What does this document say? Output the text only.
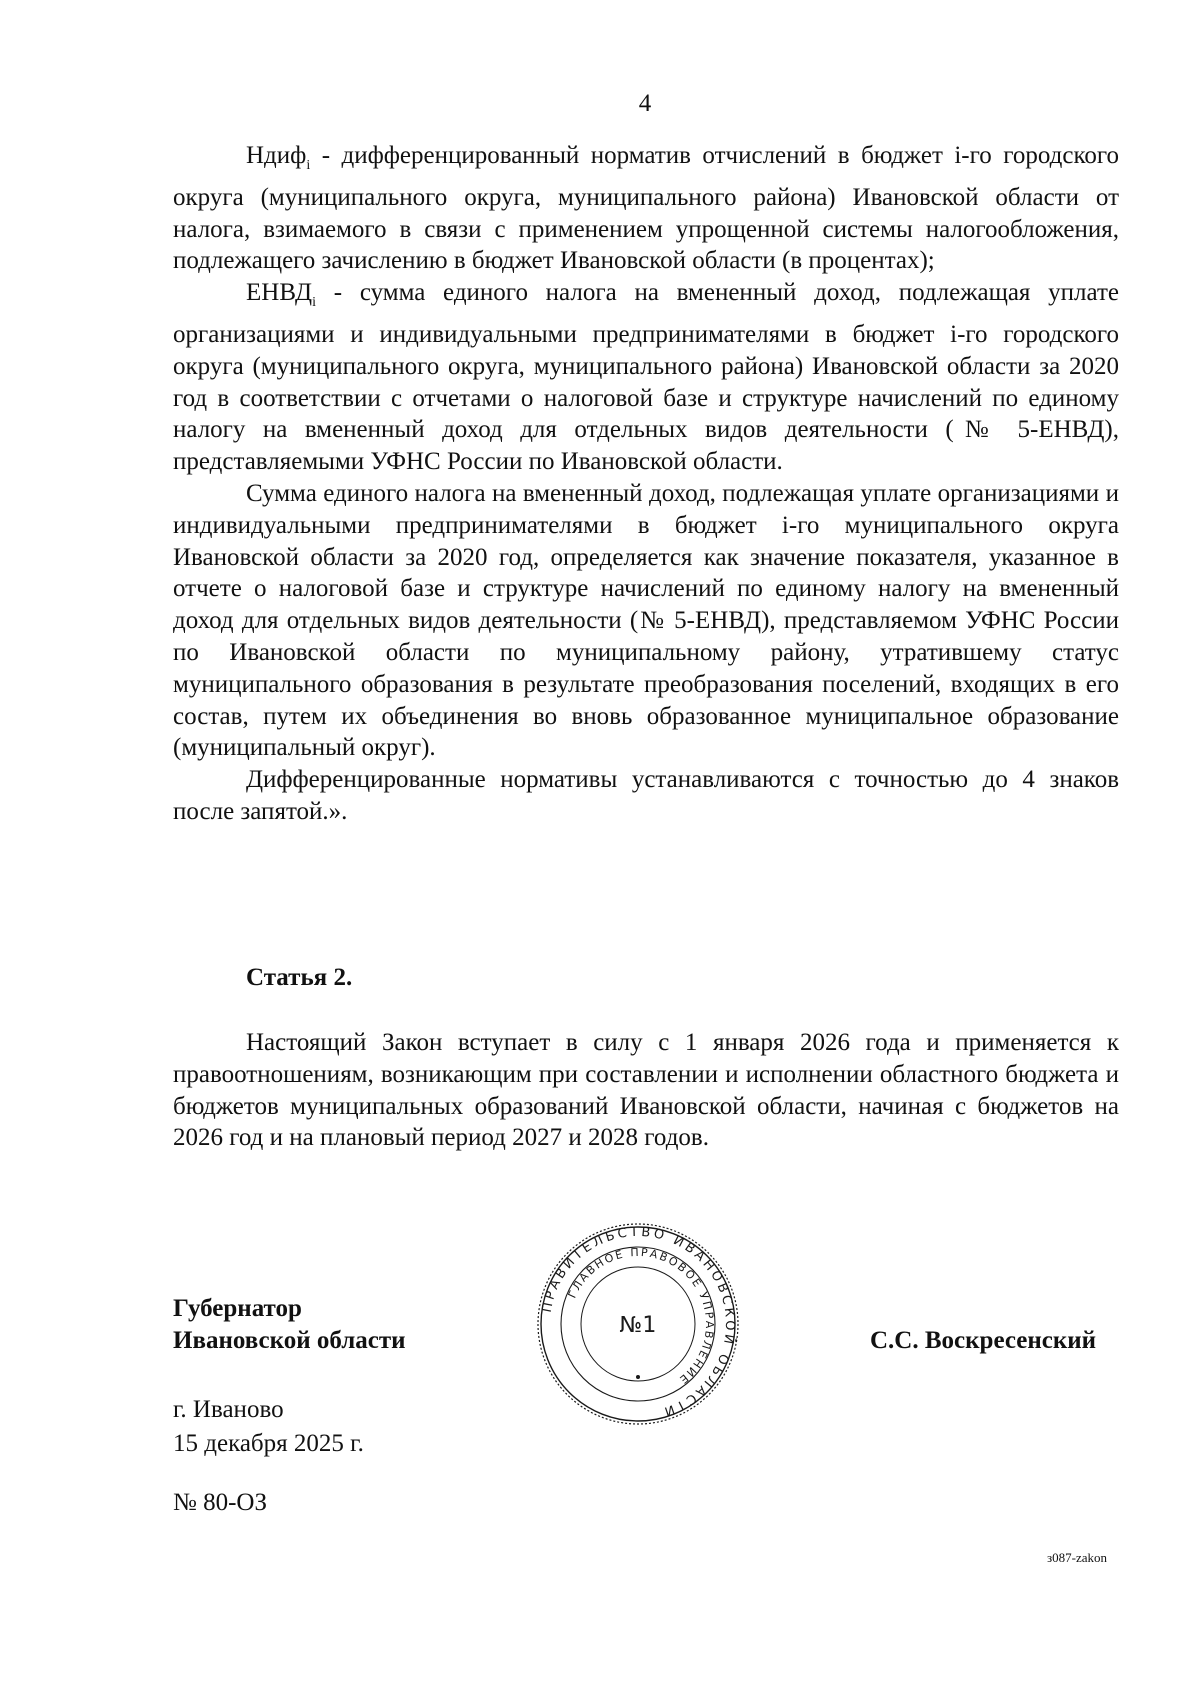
4

Ндиф$_i$ - дифференцированный норматив отчислений в бюджет i-го городского округа (муниципального округа, муниципального района) Ивановской области от налога, взимаемого в связи с применением упрощенной системы налогообложения, подлежащего зачислению в бюджет Ивановской области (в процентах);

$ЕНВД_i$ - сумма единого налога на вмененный доход, подлежащая уплате организациями и индивидуальными предпринимателями в бюджет i-го городского округа (муниципального округа, муниципального района) Ивановской области за 2020 год в соответствии с отчетами о налоговой базе и структуре начислений по единому налогу на вмененный доход для отдельных видов деятельности (№ 5-ЕНВД), представляемыми УФНС России по Ивановской области.

Сумма единого налога на вмененный доход, подлежащая уплате организациями и индивидуальными предпринимателями в бюджет i-го муниципального округа Ивановской области за 2020 год, определяется как значение показателя, указанное в отчете о налоговой базе и структуре начислений по единому налогу на вмененный доход для отдельных видов деятельности (№ 5-ЕНВД), представляемом УФНС России по Ивановской области по муниципальному району, утратившему статус муниципального образования в результате преобразования поселений, входящих в его состав, путем их объединения во вновь образованное муниципальное образование (муниципальный округ).

Дифференцированные нормативы устанавливаются с точностью до 4 знаков после запятой.».

Статья 2.

Настоящий Закон вступает в силу с 1 января 2026 года и применяется к правоотношениям, возникающим при составлении и исполнении областного бюджета и бюджетов муниципальных образований Ивановской области, начиная с бюджетов на 2026 год и на плановый период 2027 и 2028 годов.

Губернатор
Ивановской области
ПРАВИТЕЛЬСТВО ИВАНОВСКОЙ ОБЛАСТИ
ГЛАВНОЕ ПРАВОВОЕ УПРАВЛЕНИЕ
№1
С.С. Воскресенский
г. Иваново
15 декабря 2025 г.
№ 80-ОЗ
з087-zakon
